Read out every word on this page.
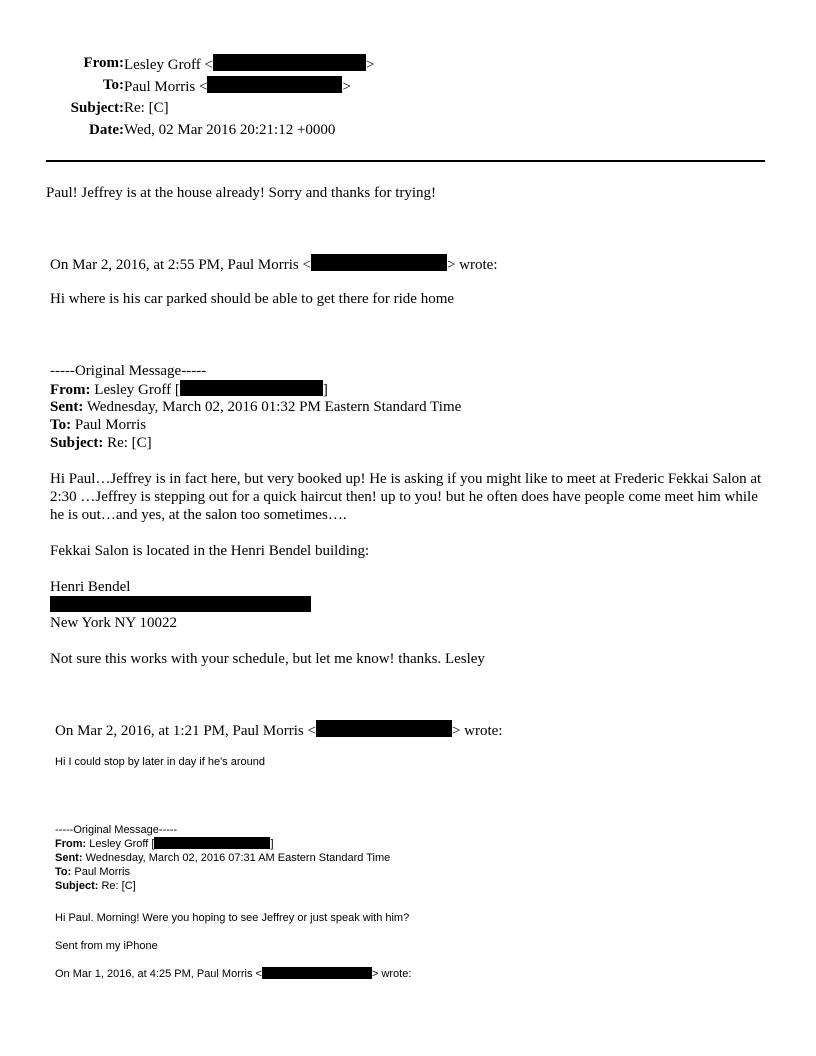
From: Lesley Groff <	>
To: Paul Morris <	>
Subject: Re: [C]
Date: Wed, 02 Mar 2016 20:21:12 +0000
Paul! Jeffrey is at the house already! Sorry and thanks for trying!
On Mar 2, 2016, at 2:55 PM, Paul Morris <	> wrote:
Hi where is his car parked should be able to get there for ride home
-----Original Message-----
From: Lesley Groff [	]
Sent: Wednesday, March 02, 2016 01:32 PM Eastern Standard Time
To: Paul Morris
Subject: Re: [C]
Hi Paul…Jeffrey is in fact here, but very booked up! He is asking if you might like to meet at Frederic Fekkai Salon at 2:30 …Jeffrey is stepping out for a quick haircut then! up to you! but he often does have people come meet him while he is out…and yes, at the salon too sometimes….
Fekkai Salon is located in the Henri Bendel building:
Henri Bendel
New York NY 10022
Not sure this works with your schedule, but let me know! thanks. Lesley
On Mar 2, 2016, at 1:21 PM, Paul Morris <	> wrote:
Hi I could stop by later in day if he's around
-----Original Message-----
From: Lesley Groff [	]
Sent: Wednesday, March 02, 2016 07:31 AM Eastern Standard Time
To: Paul Morris
Subject: Re: [C]
Hi Paul. Morning! Were you hoping to see Jeffrey or just speak with him?
Sent from my iPhone
On Mar 1, 2016, at 4:25 PM, Paul Morris <	> wrote:
